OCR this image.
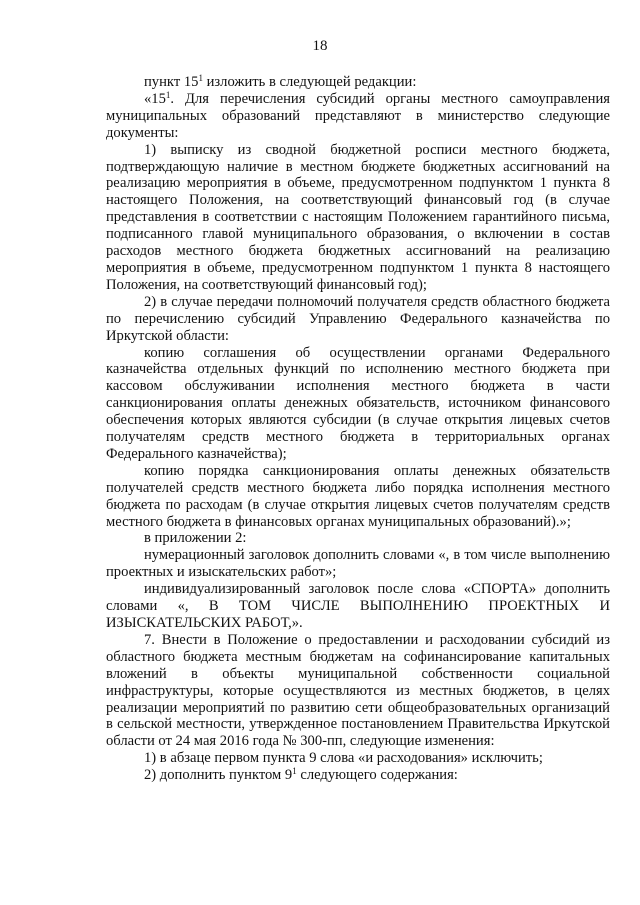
18

пункт $15^1$ изложить в следующей редакции:

«$15^1$. Для перечисления субсидий органы местного самоуправления муниципальных образований представляют в министерство следующие документы:

1) выписку из сводной бюджетной росписи местного бюджета, подтверждающую наличие в местном бюджете бюджетных ассигнований на реализацию мероприятия в объеме, предусмотренном подпунктом 1 пункта 8 настоящего Положения, на соответствующий финансовый год (в случае представления в соответствии с настоящим Положением гарантийного письма, подписанного главой муниципального образования, о включении в состав расходов местного бюджета бюджетных ассигнований на реализацию мероприятия в объеме, предусмотренном подпунктом 1 пункта 8 настоящего Положения, на соответствующий финансовый год);

2) в случае передачи полномочий получателя средств областного бюджета по перечислению субсидий Управлению Федерального казначейства по Иркутской области:

копию соглашения об осуществлении органами Федерального казначейства отдельных функций по исполнению местного бюджета при кассовом обслуживании исполнения местного бюджета в части санкционирования оплаты денежных обязательств, источником финансового обеспечения которых являются субсидии (в случае открытия лицевых счетов получателям средств местного бюджета в территориальных органах Федерального казначейства);

копию порядка санкционирования оплаты денежных обязательств получателей средств местного бюджета либо порядка исполнения местного бюджета по расходам (в случае открытия лицевых счетов получателям средств местного бюджета в финансовых органах муниципальных образований).»;

в приложении 2:

нумерационный заголовок дополнить словами «, в том числе выполнению проектных и изыскательских работ»;

индивидуализированный заголовок после слова «СПОРТА» дополнить словами «, В ТОМ ЧИСЛЕ ВЫПОЛНЕНИЮ ПРОЕКТНЫХ И ИЗЫСКАТЕЛЬСКИХ РАБОТ,».

7. Внести в Положение о предоставлении и расходовании субсидий из областного бюджета местным бюджетам на софинансирование капитальных вложений в объекты муниципальной собственности социальной инфраструктуры, которые осуществляются из местных бюджетов, в целях реализации мероприятий по развитию сети общеобразовательных организаций в сельской местности, утвержденное постановлением Правительства Иркутской области от 24 мая 2016 года № 300-пп, следующие изменения:

1) в абзаце первом пункта 9 слова «и расходования» исключить;

2) дополнить пунктом $9^1$ следующего содержания:
